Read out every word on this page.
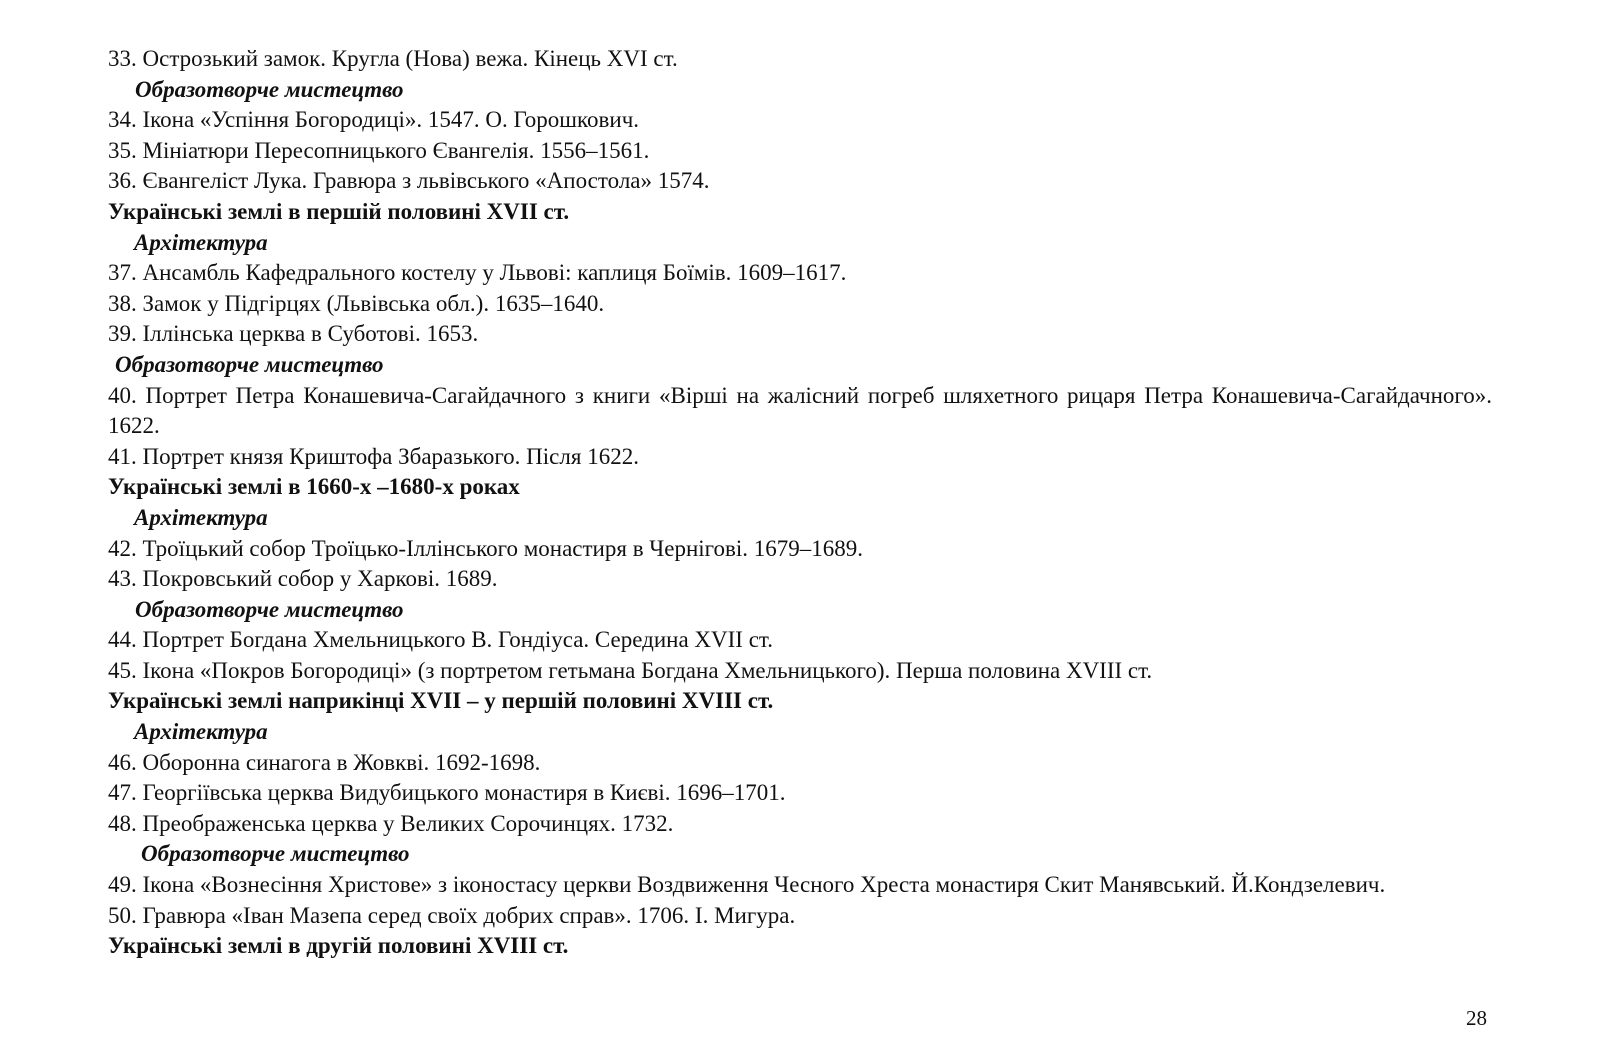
33. Острозький замок. Кругла (Нова) вежа. Кінець XVI ст.

Образотворче мистецтво

34. Ікона «Успіння Богородиці». 1547. О. Горошкович.

35. Мініатюри Пересопницького Євангелія. 1556–1561.

36. Євангеліст Лука. Гравюра з львівського «Апостола» 1574.

Українські землі в першій половині XVII ст.

Архітектура

37. Ансамбль Кафедрального костелу у Львові: каплиця Боїмів. 1609–1617.

38. Замок у Підгірцях (Львівська обл.). 1635–1640.

39. Іллінська церква в Суботові. 1653.

Образотворче мистецтво

40. Портрет Петра Конашевича-Сагайдачного з книги «Вірші на жалісний погреб шляхетного рицаря Петра Конашевича-Сагайдачного». 1622.

41. Портрет князя Криштофа Збаразького. Після 1622.

Українські землі в 1660-х –1680-х роках

Архітектура

42. Троїцький собор Троїцько-Іллінського монастиря в Чернігові. 1679–1689.

43. Покровський собор у Харкові. 1689.

Образотворче мистецтво

44. Портрет Богдана Хмельницького В. Гондіуса. Середина XVII ст.

45. Ікона «Покров Богородиці» (з портретом гетьмана Богдана Хмельницького). Перша половина XVIII ст.

Українські землі наприкінці XVII – у першій половині XVIII ст.

Архітектура

46. Оборонна синагога в Жовкві. 1692-1698.

47. Георгіївська церква Видубицького монастиря в Києві. 1696–1701.

48. Преображенська церква у Великих Сорочинцях. 1732.

Образотворче мистецтво

49. Ікона «Вознесіння Христове» з іконостасу церкви Воздвиження Чесного Хреста монастиря Скит Манявський. Й.Кондзелевич.

50. Гравюра «Іван Мазепа серед своїх добрих справ». 1706. І. Мигура.

Українські землі в другій половині XVIII ст.

28
